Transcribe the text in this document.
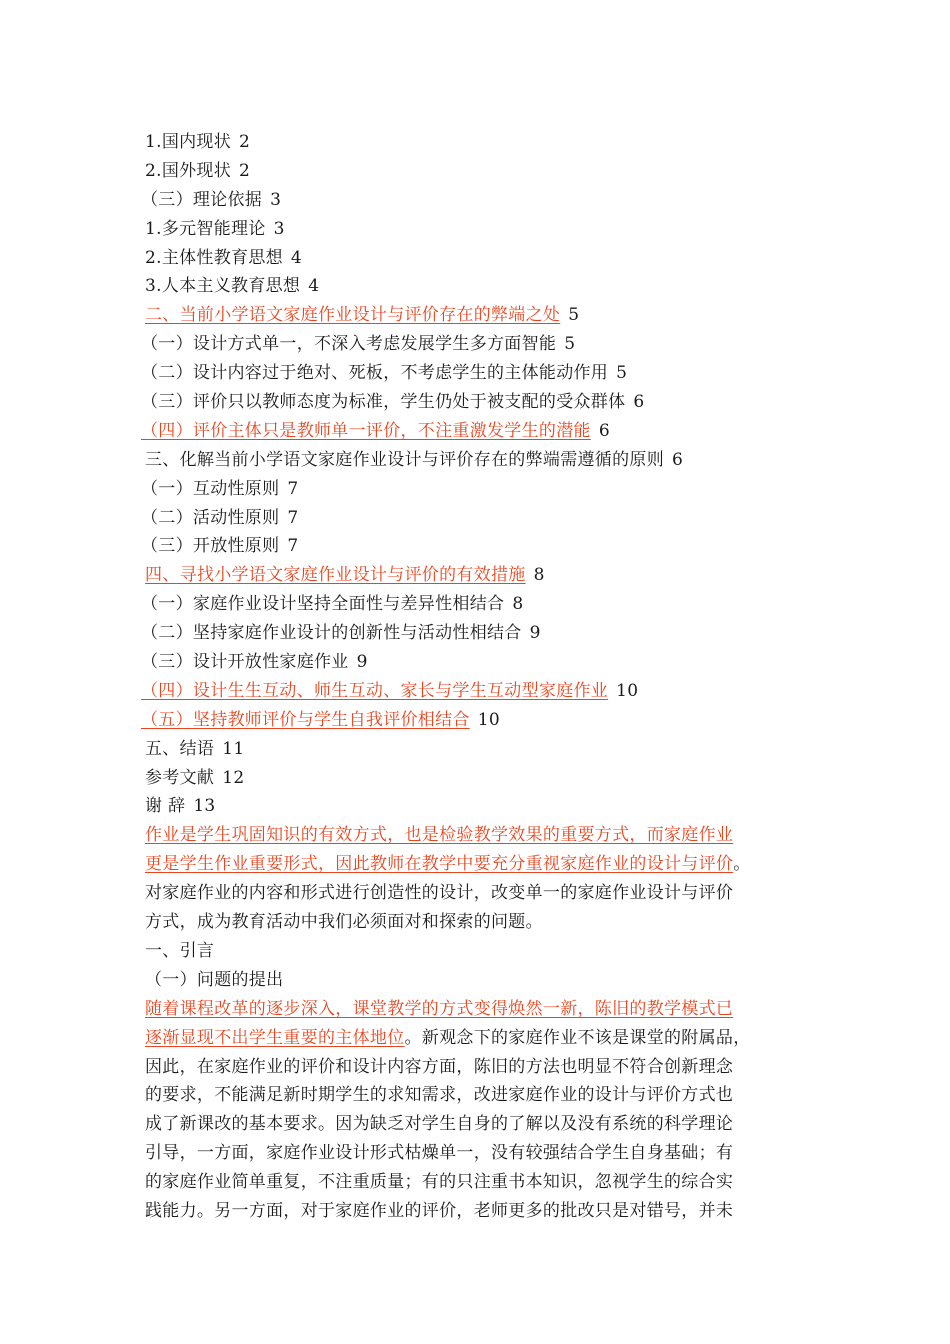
1.国内现状 2
2.国外现状 2
（三）理论依据 3
1.多元智能理论 3
2.主体性教育思想 4
3.人本主义教育思想 4
二、当前小学语文家庭作业设计与评价存在的弊端之处 5
（一）设计方式单一，不深入考虑发展学生多方面智能 5
（二）设计内容过于绝对、死板，不考虑学生的主体能动作用 5
（三）评价只以教师态度为标准，学生仍处于被支配的受众群体 6
（四）评价主体只是教师单一评价，不注重激发学生的潜能 6
三、化解当前小学语文家庭作业设计与评价存在的弊端需遵循的原则 6
（一）互动性原则 7
（二）活动性原则 7
（三）开放性原则 7
四、寻找小学语文家庭作业设计与评价的有效措施 8
（一）家庭作业设计坚持全面性与差异性相结合 8
（二）坚持家庭作业设计的创新性与活动性相结合 9
（三）设计开放性家庭作业 9
（四）设计生生互动、师生互动、家长与学生互动型家庭作业 10
（五）坚持教师评价与学生自我评价相结合 10
五、结语 11
参考文献 12
谢 辞 13
作业是学生巩固知识的有效方式，也是检验教学效果的重要方式，而家庭作业
更是学生作业重要形式，因此教师在教学中要充分重视家庭作业的设计与评价。
对家庭作业的内容和形式进行创造性的设计，改变单一的家庭作业设计与评价
方式，成为教育活动中我们必须面对和探索的问题。
一、引言
（一）问题的提出
随着课程改革的逐步深入，课堂教学的方式变得焕然一新，陈旧的教学模式已
逐渐显现不出学生重要的主体地位。新观念下的家庭作业不该是课堂的附属品，
因此，在家庭作业的评价和设计内容方面，陈旧的方法也明显不符合创新理念
的要求，不能满足新时期学生的求知需求，改进家庭作业的设计与评价方式也
成了新课改的基本要求。因为缺乏对学生自身的了解以及没有系统的科学理论
引导，一方面，家庭作业设计形式枯燥单一，没有较强结合学生自身基础；有
的家庭作业简单重复，不注重质量；有的只注重书本知识，忽视学生的综合实
践能力。另一方面，对于家庭作业的评价，老师更多的批改只是对错号，并未
